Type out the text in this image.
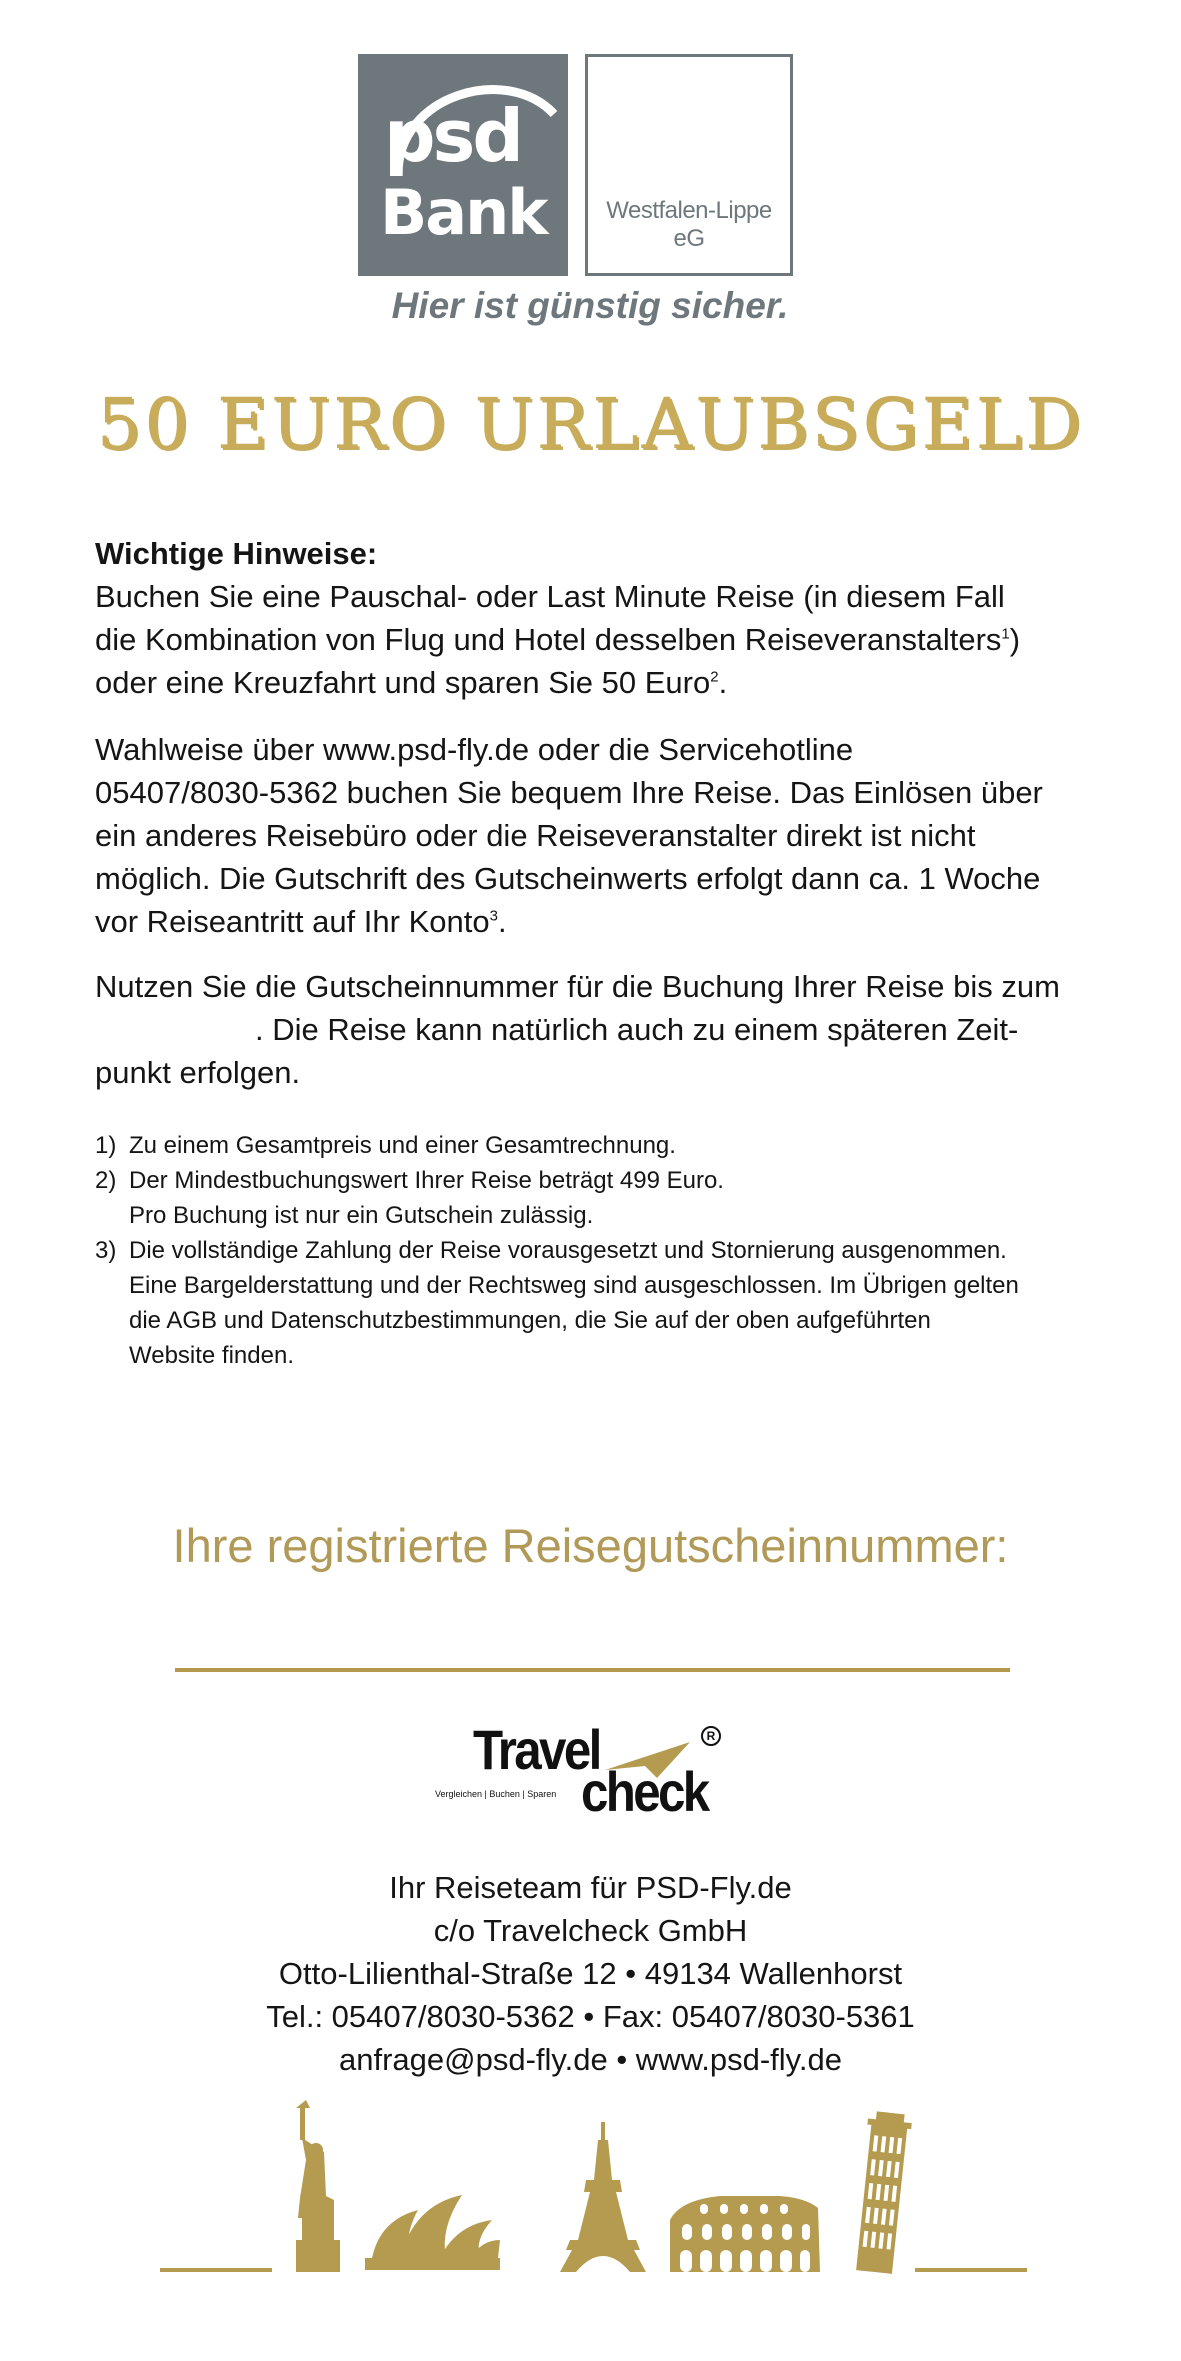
psd
Bank	Westfalen-Lippe eG
Hier ist günstig sicher.
50 EURO URLAUBSGELD
Wichtige Hinweise:
Buchen Sie eine Pauschal- oder Last Minute Reise (in diesem Fall
die Kombination von Flug und Hotel desselben Reiseveranstalters$^1$)
oder eine Kreuzfahrt und sparen Sie 50 Euro$^2$.
Wahlweise über www.psd-fly.de oder die Servicehotline
05407/8030-5362 buchen Sie bequem Ihre Reise. Das Einlösen über
ein anderes Reisebüro oder die Reiseveranstalter direkt ist nicht
möglich. Die Gutschrift des Gutscheinwerts erfolgt dann ca. 1 Woche
vor Reiseantritt auf Ihr Konto$^3$.
Nutzen Sie die Gutscheinnummer für die Buchung Ihrer Reise bis zum
. Die Reise kann natürlich auch zu einem späteren Zeit-
punkt erfolgen.
1) Zu einem Gesamtpreis und einer Gesamtrechnung.
2) Der Mindestbuchungswert Ihrer Reise beträgt 499 Euro.
Pro Buchung ist nur ein Gutschein zulässig.
3) Die vollständige Zahlung der Reise vorausgesetzt und Stornierung ausgenommen.
Eine Bargelderstattung und der Rechtsweg sind ausgeschlossen. Im Übrigen gelten
die AGB und Datenschutzbestimmungen, die Sie auf der oben aufgeführten
Website finden.
Ihre registrierte Reisegutscheinnummer:
Travel
check
Vergleichen | Buchen | Sparen
R
Ihr Reiseteam für PSD-Fly.de
c/o Travelcheck GmbH
Otto-Lilienthal-Straße 12 • 49134 Wallenhorst
Tel.: 05407/8030-5362 • Fax: 05407/8030-5361
anfrage@psd-fly.de • www.psd-fly.de
